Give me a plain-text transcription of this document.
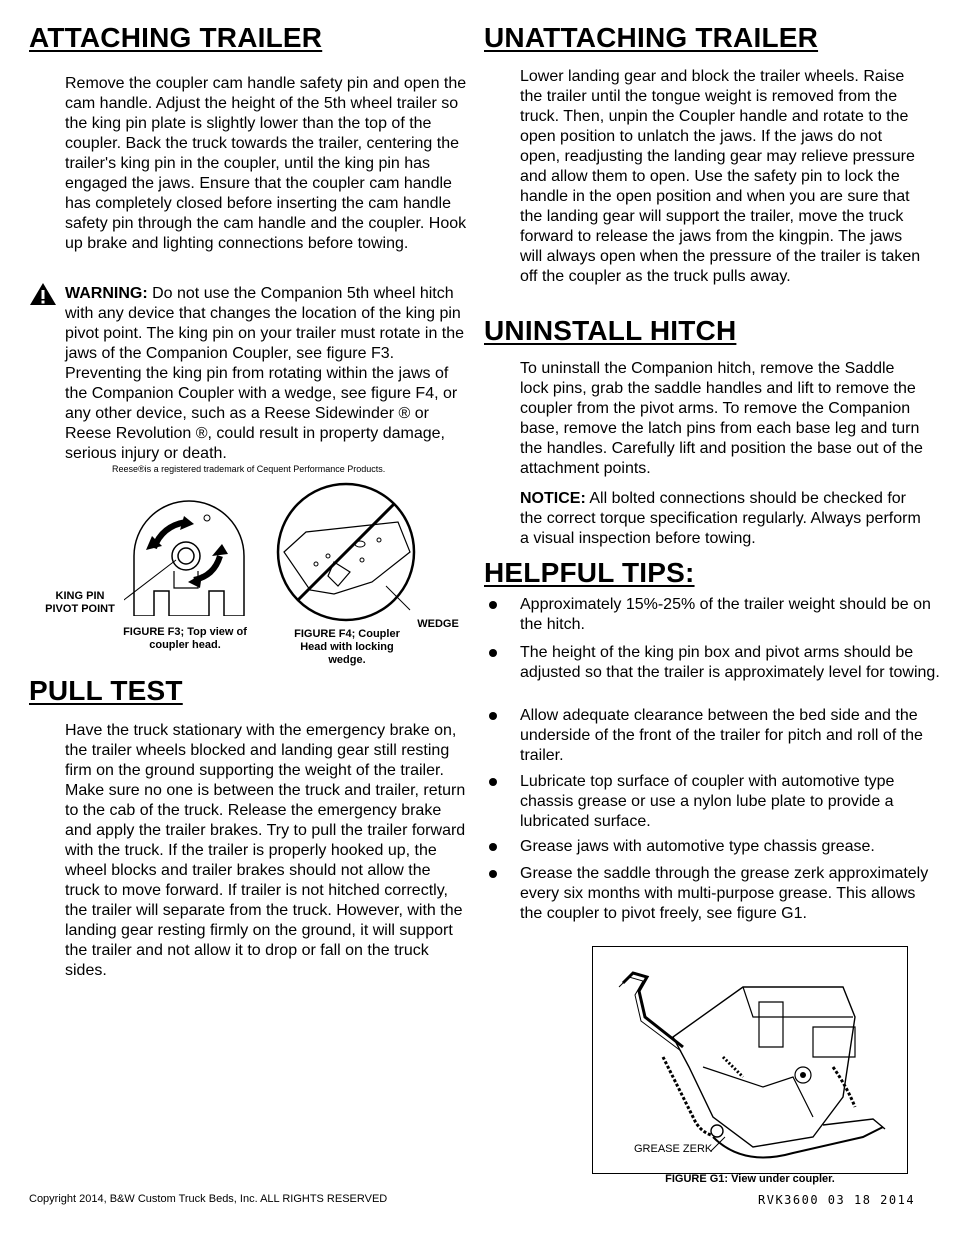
ATTACHING TRAILER

Remove the coupler cam handle safety pin and open the cam handle. Adjust the height of the 5th wheel trailer so the king pin plate is slightly lower than the top of the coupler. Back the truck towards the trailer, centering the trailer's king pin in the coupler, until the king pin has engaged the jaws. Ensure that the coupler cam handle has completely closed before inserting the cam handle safety pin through the cam handle and the coupler. Hook up brake and lighting connections before towing.

WARNING: Do not use the Companion 5th wheel hitch with any device that changes the location of the king pin pivot point. The king pin on your trailer must rotate in the jaws of the Companion Coupler, see figure F3. Preventing the king pin from rotating within the jaws of the Companion Coupler with a wedge, see figure F4, or any other device, such as a Reese Sidewinder ® or Reese Revolution ®, could result in property damage, serious injury or death.

Reese®is a registered trademark of Cequent Performance Products.
KING PIN PIVOT POINT
FIGURE F3; Top view of coupler head.
WEDGE
FIGURE F4; Coupler Head with locking wedge.
PULL TEST

Have the truck stationary with the emergency brake on, the trailer wheels blocked and landing gear still resting firm on the ground supporting the weight of the trailer. Make sure no one is between the truck and trailer, return to the cab of the truck. Release the emergency brake and apply the trailer brakes. Try to pull the trailer forward with the truck. If the trailer is properly hooked up, the wheel blocks and trailer brakes should not allow the truck to move forward. If trailer is not hitched correctly, the trailer will separate from the truck. However, with the landing gear resting firmly on the ground, it will support the trailer and not allow it to drop or fall on the truck sides.

UNATTACHING TRAILER

Lower landing gear and block the trailer wheels. Raise the trailer until the tongue weight is removed from the truck. Then, unpin the Coupler handle and rotate to the open position to unlatch the jaws. If the jaws do not open, readjusting the landing gear may relieve pressure and allow them to open. Use the safety pin to lock the handle in the open position and when you are sure that the landing gear will support the trailer, move the truck forward to release the jaws from the kingpin. The jaws will always open when the pressure of the trailer is taken off the coupler as the truck pulls away.

UNINSTALL HITCH

To uninstall the Companion hitch, remove the Saddle lock pins, grab the saddle handles and lift to remove the coupler from the pivot arms. To remove the Companion base, remove the latch pins from each base leg and turn the handles. Carefully lift and position the base out of the attachment points.

NOTICE: All bolted connections should be checked for the correct torque specification regularly. Always perform a visual inspection before towing.

HELPFUL TIPS:
Approximately 15%-25% of the trailer weight should be on the hitch.
The height of the king pin box and pivot arms should be adjusted so that the trailer is approximately level for towing.
Allow adequate clearance between the bed side and the underside of the front of the trailer for pitch and roll of the trailer.
Lubricate top surface of coupler with automotive type chassis grease or use a nylon lube plate to provide a lubricated surface.
Grease jaws with automotive type chassis grease.
Grease the saddle through the grease zerk approximately every six months with multi-purpose grease. This allows the coupler to pivot freely, see figure G1.
GREASE ZERK
FIGURE G1: View under coupler.
Copyright 2014, B&W Custom Truck Beds, Inc. ALL RIGHTS RESERVED	RVK3600 03 18 2014
